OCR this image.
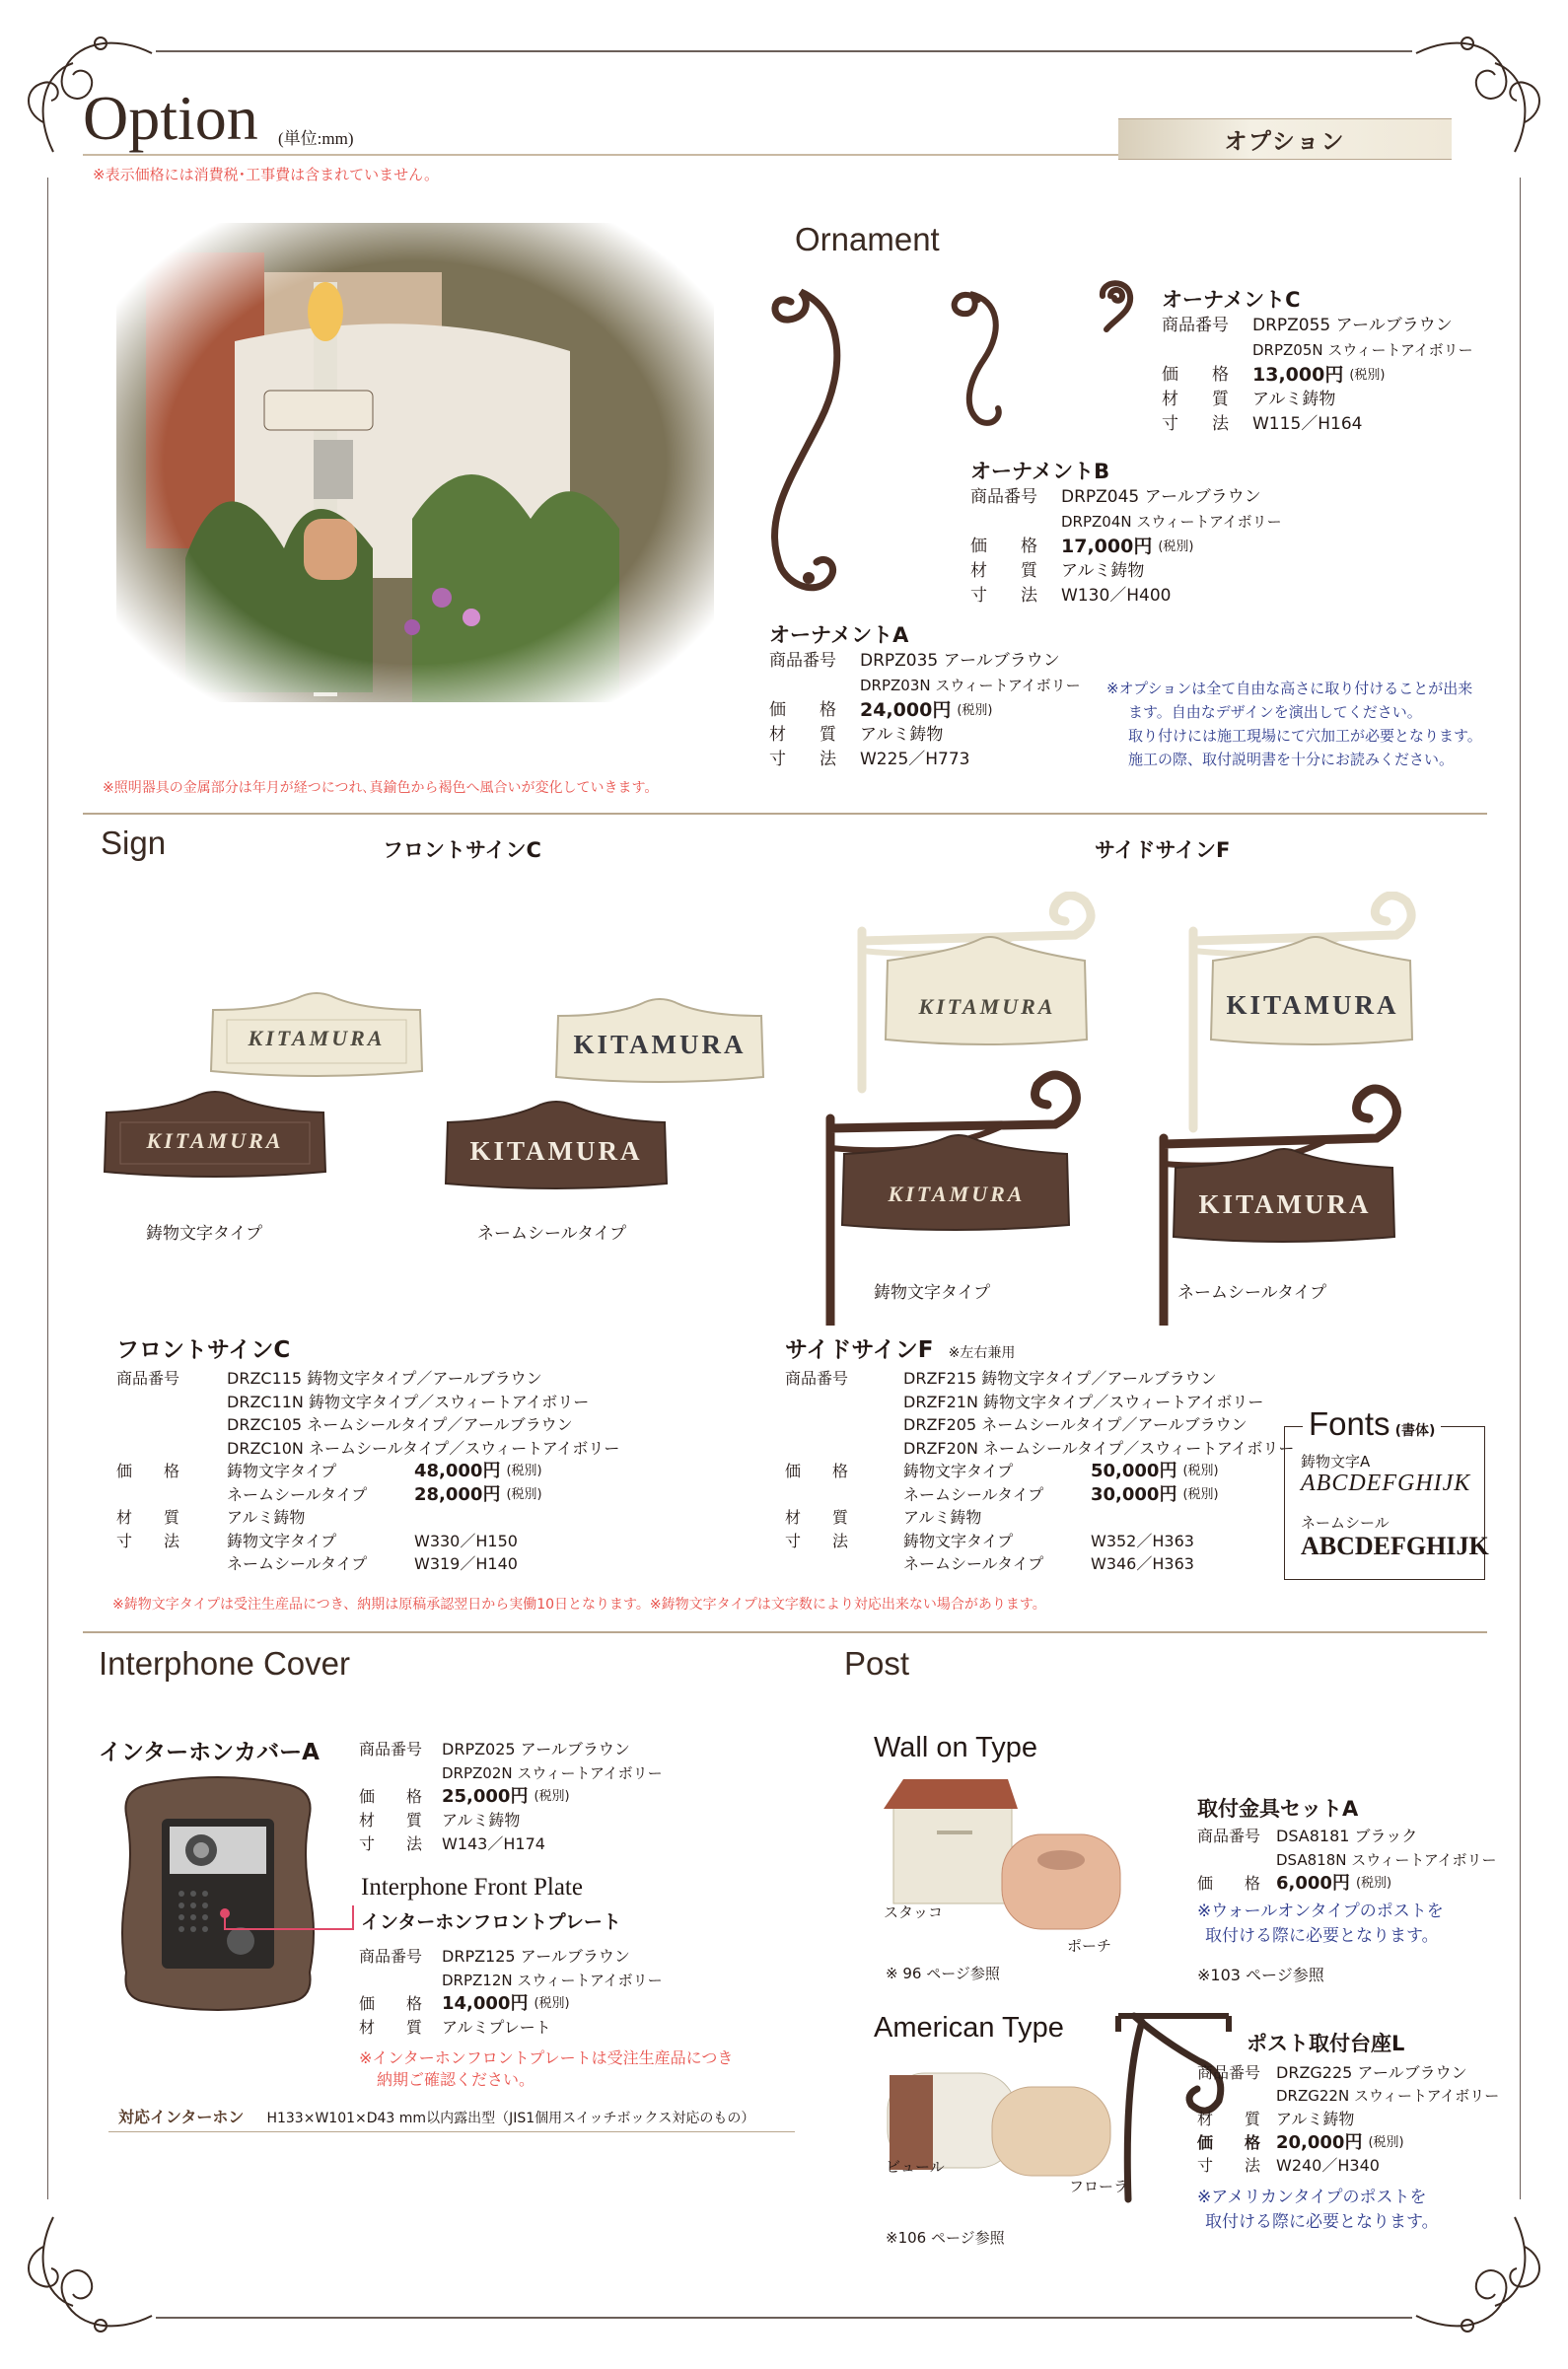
Option (単位:mm)	オプション
※表示価格には消費税･工事費は含まれていません。
※照明器具の金属部分は年月が経つにつれ､真鍮色から褐色へ風合いが変化していきます。
Ornament
オーナメントC
商品番号	DRPZ055 アールブラウン
DRPZ05N スウィートアイボリー
価　　格	13,000円 (税別)
材　　質	アルミ鋳物
寸　　法	W115／H164
オーナメントB
商品番号	DRPZ045 アールブラウン
DRPZ04N スウィートアイボリー
価　　格	17,000円 (税別)
材　　質	アルミ鋳物
寸　　法	W130／H400
オーナメントA
商品番号	DRPZ035 アールブラウン
DRPZ03N スウィートアイボリー
価　　格	24,000円 (税別)
材　　質	アルミ鋳物
寸　　法	W225／H773
※オプションは全て自由な高さに取り付けることが出来
ます。自由なデザインを演出してください。
取り付けには施工現場にて穴加工が必要となります。
施工の際、取付説明書を十分にお読みください。
Sign	フロントサインC	サイドサインF
KITAMURA
KITAMURA
KITAMURA
KITAMURA
鋳物文字タイプ	ネームシールタイプ
KITAMURA
KITAMURA
KITAMURA
KITAMURA
鋳物文字タイプ	ネームシールタイプ
フロントサインC
商品番号	DRZC115 鋳物文字タイプ／アールブラウン
DRZC11N 鋳物文字タイプ／スウィートアイボリー
DRZC105 ネームシールタイプ／アールブラウン
DRZC10N ネームシールタイプ／スウィートアイボリー
価　　格	鋳物文字タイプ	48,000円 (税別)
ネームシールタイプ	28,000円 (税別)
材　　質	アルミ鋳物
寸　　法	鋳物文字タイプ	W330／H150
ネームシールタイプ	W319／H140
サイドサインF ※左右兼用
商品番号	DRZF215 鋳物文字タイプ／アールブラウン
DRZF21N 鋳物文字タイプ／スウィートアイボリー
DRZF205 ネームシールタイプ／アールブラウン
DRZF20N ネームシールタイプ／スウィートアイボリー
価　　格	鋳物文字タイプ	50,000円 (税別)
ネームシールタイプ	30,000円 (税別)
材　　質	アルミ鋳物
寸　　法	鋳物文字タイプ	W352／H363
ネームシールタイプ	W346／H363
Fonts (書体)
鋳物文字A
ABCDEFGHIJK
ネームシール
ABCDEFGHIJK
※鋳物文字タイプは受注生産品につき、納期は原稿承認翌日から実働10日となります。※鋳物文字タイプは文字数により対応出来ない場合があります。
Interphone Cover
インターホンカバーA	商品番号	DRPZ025 アールブラウン
DRPZ02N スウィートアイボリー
価　　格	25,000円 (税別)
材　　質	アルミ鋳物
寸　　法	W143／H174
Interphone Front Plate
インターホンフロントプレート
商品番号	DRPZ125 アールブラウン
DRPZ12N スウィートアイボリー
価　　格	14,000円 (税別)
材　　質	アルミプレート
※インターホンフロントプレートは受注生産品につき
納期ご確認ください。
対応インターホン H133×W101×D43 mm以内露出型（JIS1個用スイッチボックス対応のもの）
Post
Wall on Type
スタッコ
ポーチ
※ 96 ページ参照
American Type
ビュール
フローラ
※106 ページ参照
取付金具セットA
商品番号 DSA8181 ブラック
DSA818N スウィートアイボリー
価　　格 6,000円 (税別)
※ウォールオンタイプのポストを
取付ける際に必要となります。
※103 ページ参照
ポスト取付台座L
商品番号 DRZG225 アールブラウン
DRZG22N スウィートアイボリー
材　　質 アルミ鋳物
価　　格 20,000円 (税別)
寸　　法 W240／H340
※アメリカンタイプのポストを
取付ける際に必要となります。
